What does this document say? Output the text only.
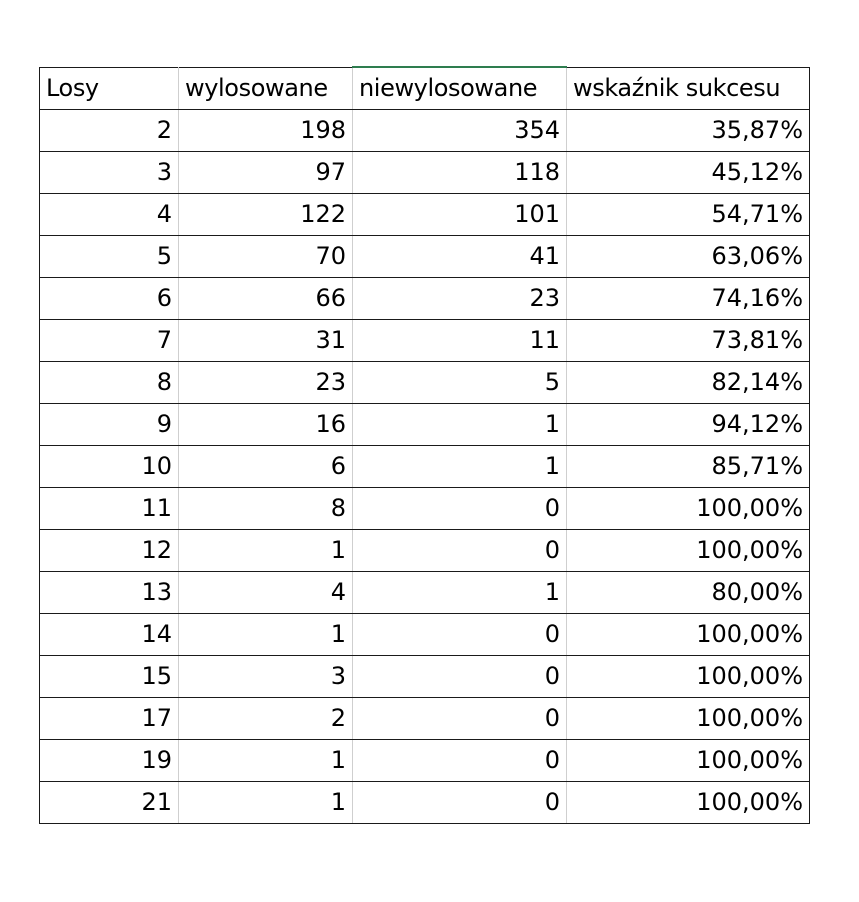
Losy	wylosowane	niewylosowane	wskaźnik sukcesu
2	198	354	35,87%
3	97	118	45,12%
4	122	101	54,71%
5	70	41	63,06%
6	66	23	74,16%
7	31	11	73,81%
8	23	5	82,14%
9	16	1	94,12%
10	6	1	85,71%
11	8	0	100,00%
12	1	0	100,00%
13	4	1	80,00%
14	1	0	100,00%
15	3	0	100,00%
17	2	0	100,00%
19	1	0	100,00%
21	1	0	100,00%
